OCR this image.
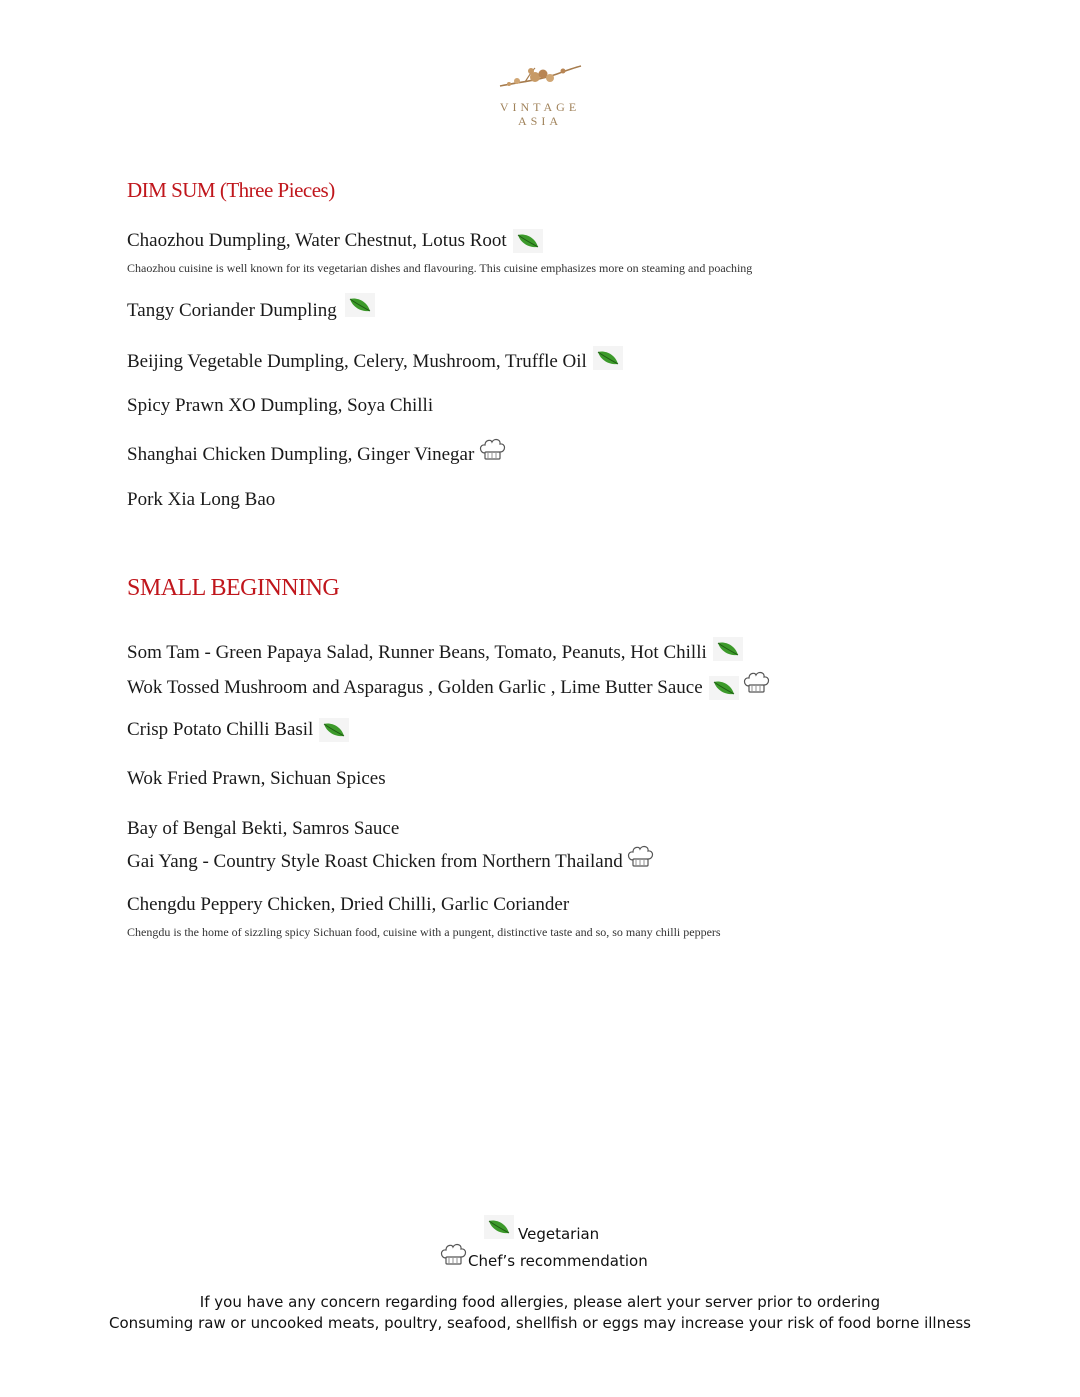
VINTAGE
ASIA
DIM SUM (Three Pieces)
Chaozhou Dumpling, Water Chestnut, Lotus Root
Chaozhou cuisine is well known for its vegetarian dishes and flavouring. This cuisine emphasizes more on steaming and poaching
Tangy Coriander Dumpling
Beijing Vegetable Dumpling, Celery, Mushroom, Truffle Oil
Spicy Prawn XO Dumpling, Soya Chilli
Shanghai Chicken Dumpling, Ginger Vinegar
Pork Xia Long Bao
SMALL BEGINNING
Som Tam - Green Papaya Salad, Runner Beans, Tomato, Peanuts, Hot Chilli
Wok Tossed Mushroom and Asparagus , Golden Garlic , Lime Butter Sauce
Crisp Potato Chilli Basil
Wok Fried Prawn, Sichuan Spices
Bay of Bengal Bekti, Samros Sauce
Gai Yang - Country Style Roast Chicken from Northern Thailand
Chengdu Peppery Chicken, Dried Chilli, Garlic Coriander
Chengdu is the home of sizzling spicy Sichuan food, cuisine with a pungent, distinctive taste and so, so many chilli peppers
Vegetarian
Chef’s recommendation
If you have any concern regarding food allergies, please alert your server prior to ordering
Consuming raw or uncooked meats, poultry, seafood, shellfish or eggs may increase your risk of food borne illness
